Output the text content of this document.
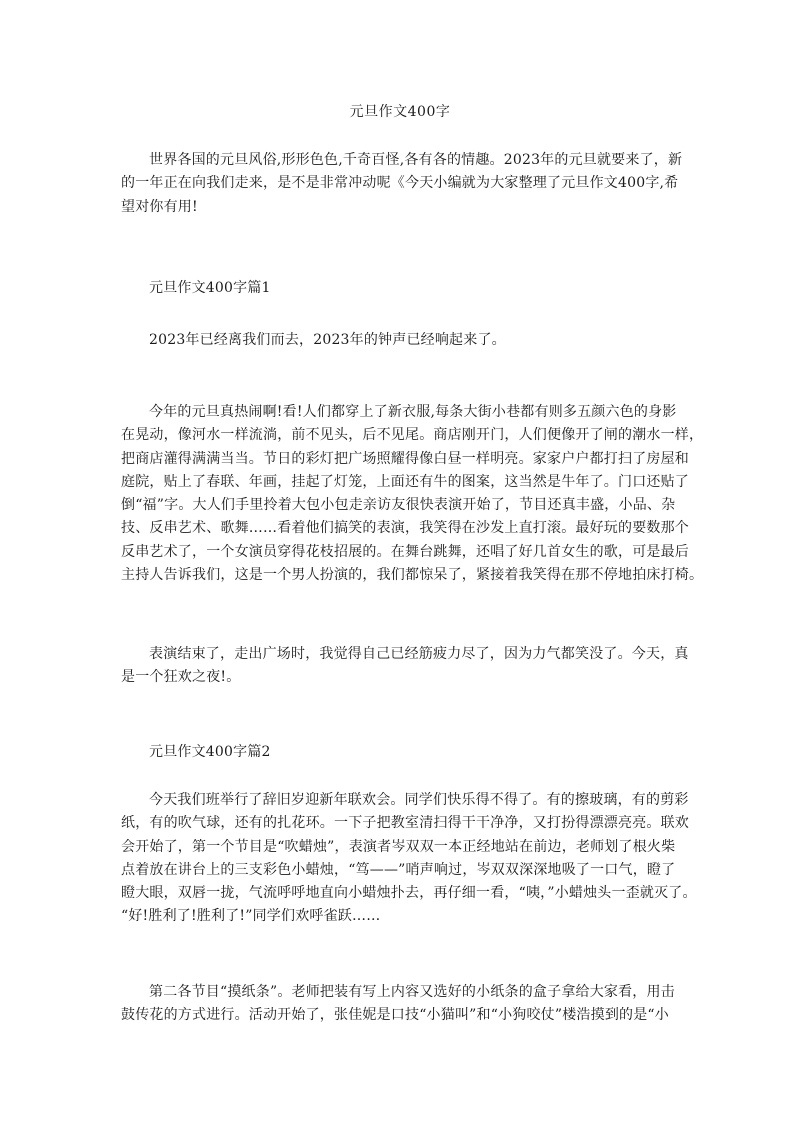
元旦作文400字

世界各国的元旦风俗,形形色色,千奇百怪,各有各的情趣。2023年的元旦就要来了，新
的一年正在向我们走来，是不是非常冲动呢《今天小编就为大家整理了元旦作文400字,希
望对你有用!

元旦作文400字篇1

2023年已经离我们而去，2023年的钟声已经响起来了。

今年的元旦真热闹啊!看!人们都穿上了新衣服,每条大街小巷都有则多五颜六色的身影
在晃动，像河水一样流淌，前不见头，后不见尾。商店刚开门，人们便像开了闸的潮水一样，
把商店灌得满满当当。节日的彩灯把广场照耀得像白昼一样明亮。家家户户都打扫了房屋和
庭院，贴上了春联、年画，挂起了灯笼，上面还有牛的图案，这当然是牛年了。门口还贴了
倒“福”字。大人们手里拎着大包小包走亲访友很快表演开始了，节目还真丰盛，小品、杂
技、反串艺术、歌舞……看着他们搞笑的表演，我笑得在沙发上直打滚。最好玩的要数那个
反串艺术了，一个女演员穿得花枝招展的。在舞台跳舞，还唱了好几首女生的歌，可是最后
主持人告诉我们，这是一个男人扮演的，我们都惊呆了，紧接着我笑得在那不停地拍床打椅。

表演结束了，走出广场时，我觉得自己已经筋疲力尽了，因为力气都笑没了。今天，真
是一个狂欢之夜!。

元旦作文400字篇2

今天我们班举行了辞旧岁迎新年联欢会。同学们快乐得不得了。有的擦玻璃，有的剪彩
纸，有的吹气球，还有的扎花环。一下子把教室清扫得干干净净，又打扮得漂漂亮亮。联欢
会开始了，第一个节目是“吹蜡烛”，表演者岑双双一本正经地站在前边，老师划了根火柴
点着放在讲台上的三支彩色小蜡烛，“笃——”哨声响过，岑双双深深地吸了一口气，瞪了
瞪大眼，双唇一拢，气流呼呼地直向小蜡烛扑去，再仔细一看，“咦，”小蜡烛头一歪就灭了。
“好!胜利了!胜利了!”同学们欢呼雀跃……

第二各节目“摸纸条”。老师把装有写上内容又选好的小纸条的盒子拿给大家看，用击
鼓传花的方式进行。活动开始了，张佳妮是口技“小猫叫”和“小狗咬仗”楼浩摸到的是“小
